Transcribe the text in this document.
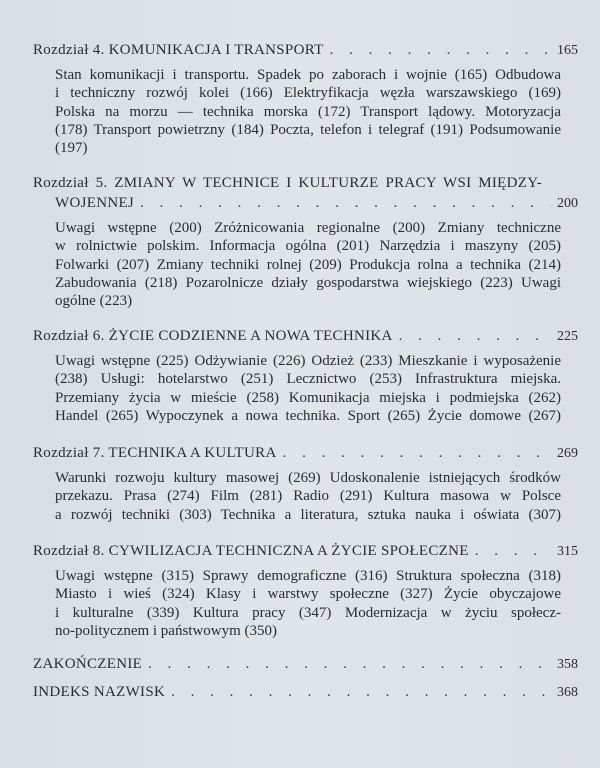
Rozdział 4. KOMUNIKACJA I TRANSPORT . . .	165
Stan komunikacji i transportu. Spadek po zaborach i wojnie (165) Odbudowa
i techniczny rozwój kolei (166) Elektryfikacja węzła warszawskiego (169)
Polska na morzu — technika morska (172) Transport lądowy. Motoryzacja
(178) Transport powietrzny (184) Poczta, telefon i telegraf (191) Podsumowanie
(197)
Rozdział 5. ZMIANY W TECHNICE I KULTURZE PRACY WSI MIĘDZY-
WOJENNEJ . . .	200
Uwagi wstępne (200) Zróżnicowania regionalne (200) Zmiany techniczne
w rolnictwie polskim. Informacja ogólna (201) Narzędzia i maszyny (205)
Folwarki (207) Zmiany techniki rolnej (209) Produkcja rolna a technika (214)
Zabudowania (218) Pozarolnicze działy gospodarstwa wiejskiego (223) Uwagi
ogólne (223)
Rozdział 6. ŻYCIE CODZIENNE A NOWA TECHNIKA . . .	225
Uwagi wstępne (225) Odżywianie (226) Odzież (233) Mieszkanie i wyposażenie
(238) Usługi: hotelarstwo (251) Lecznictwo (253) Infrastruktura miejska.
Przemiany życia w mieście (258) Komunikacja miejska i podmiejska (262)
Handel (265) Wypoczynek a nowa technika. Sport (265) Życie domowe (267)
Rozdział 7. TECHNIKA A KULTURA . . .	269
Warunki rozwoju kultury masowej (269) Udoskonalenie istniejących środków
przekazu. Prasa (274) Film (281) Radio (291) Kultura masowa w Polsce
a rozwój techniki (303) Technika a literatura, sztuka nauka i oświata (307)
Rozdział 8. CYWILIZACJA TECHNICZNA A ŻYCIE SPOŁECZNE . . .	315
Uwagi wstępne (315) Sprawy demograficzne (316) Struktura społeczna (318)
Miasto i wieś (324) Klasy i warstwy społeczne (327) Życie obyczajowe
i kulturalne (339) Kultura pracy (347) Modernizacja w życiu społecz-
no-politycznem i państwowym (350)
ZAKOŃCZENIE . . .	358
INDEKS NAZWISK . . .	368
